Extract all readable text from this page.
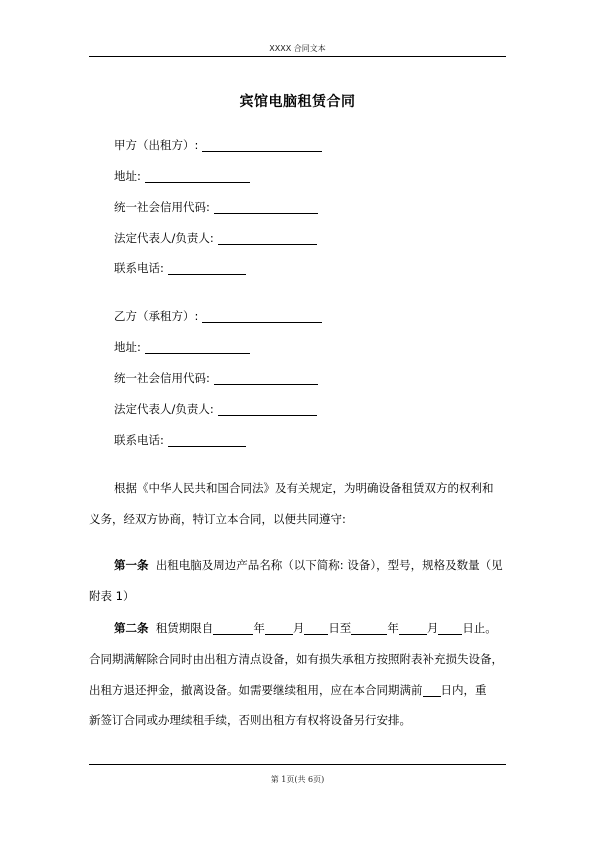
XXXX 合同文本
宾馆电脑租赁合同
甲方（出租方）:
地址:
统一社会信用代码:
法定代表人/负责人:
联系电话:
乙方（承租方）:
地址:
统一社会信用代码:
法定代表人/负责人:
联系电话:
根据《中华人民共和国合同法》及有关规定，为明确设备租赁双方的权利和
义务，经双方协商，特订立本合同，以便共同遵守:
第一条 出租电脑及周边产品名称（以下简称: 设备），型号，规格及数量（见
附表 1）
第二条 租赁期限自	年 月 日至	年 月 日止。
合同期满解除合同时由出租方清点设备，如有损失承租方按照附表补充损失设备，
出租方退还押金，撤离设备。如需要继续租用，应在本合同期满前 日内，重
新签订合同或办理续租手续，否则出租方有权将设备另行安排。
第 1页(共 6页)
